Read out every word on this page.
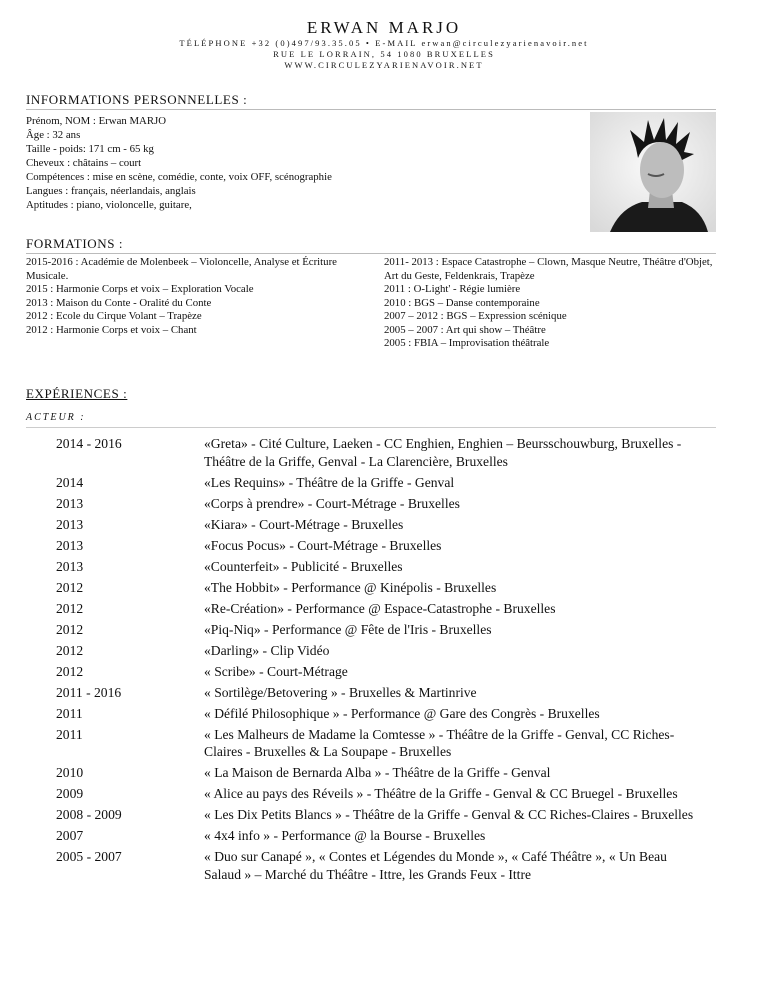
ERWAN MARJO
TÉLÉPHONE +32 (0)497/93.35.05 • E-MAIL erwan@circulezyarienavoir.net
RUE LE LORRAIN, 54 1080 BRUXELLES
WWW.CIRCULEZYARIENAVOIR.NET
INFORMATIONS PERSONNELLES :
Prénom, NOM : Erwan MARJO
Âge : 32 ans
Taille - poids: 171 cm - 65 kg
Cheveux : châtains – court
Compétences : mise en scène, comédie, conte, voix OFF, scénographie
Langues : français, néerlandais, anglais
Aptitudes : piano, violoncelle, guitare,
FORMATIONS :
2015-2016 : Académie de Molenbeek – Violoncelle, Analyse et Écriture Musicale.
2015 : Harmonie Corps et voix – Exploration Vocale
2013 : Maison du Conte - Oralité du Conte
2012 : Ecole du Cirque Volant – Trapèze
2012 : Harmonie Corps et voix – Chant
2011- 2013 : Espace Catastrophe – Clown, Masque Neutre, Théâtre d'Objet, Art du Geste, Feldenkrais, Trapèze
2011 : O-Light' - Régie lumière
2010 : BGS – Danse contemporaine
2007 – 2012 : BGS – Expression scénique
2005 – 2007 : Art qui show – Théâtre
2005 : FBIA – Improvisation théâtrale
EXPÉRIENCES :
ACTEUR :
2014 - 2016	«Greta» - Cité Culture, Laeken - CC Enghien, Enghien – Beursschouwburg, Bruxelles - Théâtre de la Griffe, Genval - La Clarencière, Bruxelles
2014	«Les Requins» - Théâtre de la Griffe - Genval
2013	«Corps à prendre» - Court-Métrage - Bruxelles
2013	«Kiara» - Court-Métrage - Bruxelles
2013	«Focus Pocus» - Court-Métrage - Bruxelles
2013	«Counterfeit» - Publicité - Bruxelles
2012	«The Hobbit» - Performance @ Kinépolis - Bruxelles
2012	«Re-Création» - Performance @ Espace-Catastrophe - Bruxelles
2012	«Piq-Niq» - Performance @ Fête de l'Iris - Bruxelles
2012	«Darling» - Clip Vidéo
2012	« Scribe» - Court-Métrage
2011 - 2016	« Sortilège/Betovering » - Bruxelles & Martinrive
2011	« Défilé Philosophique » - Performance @ Gare des Congrès - Bruxelles
2011	« Les Malheurs de Madame la Comtesse » - Théâtre de la Griffe - Genval, CC Riches-Claires - Bruxelles & La Soupape - Bruxelles
2010	« La Maison de Bernarda Alba » - Théâtre de la Griffe - Genval
2009	« Alice au pays des Réveils » - Théâtre de la Griffe - Genval & CC Bruegel - Bruxelles
2008 - 2009	« Les Dix Petits Blancs » - Théâtre de la Griffe - Genval & CC Riches-Claires - Bruxelles
2007	« 4x4 info » - Performance @ la Bourse - Bruxelles
2005 - 2007	« Duo sur Canapé », « Contes et Légendes du Monde », « Café Théâtre », « Un Beau Salaud » – Marché du Théâtre - Ittre, les Grands Feux - Ittre
